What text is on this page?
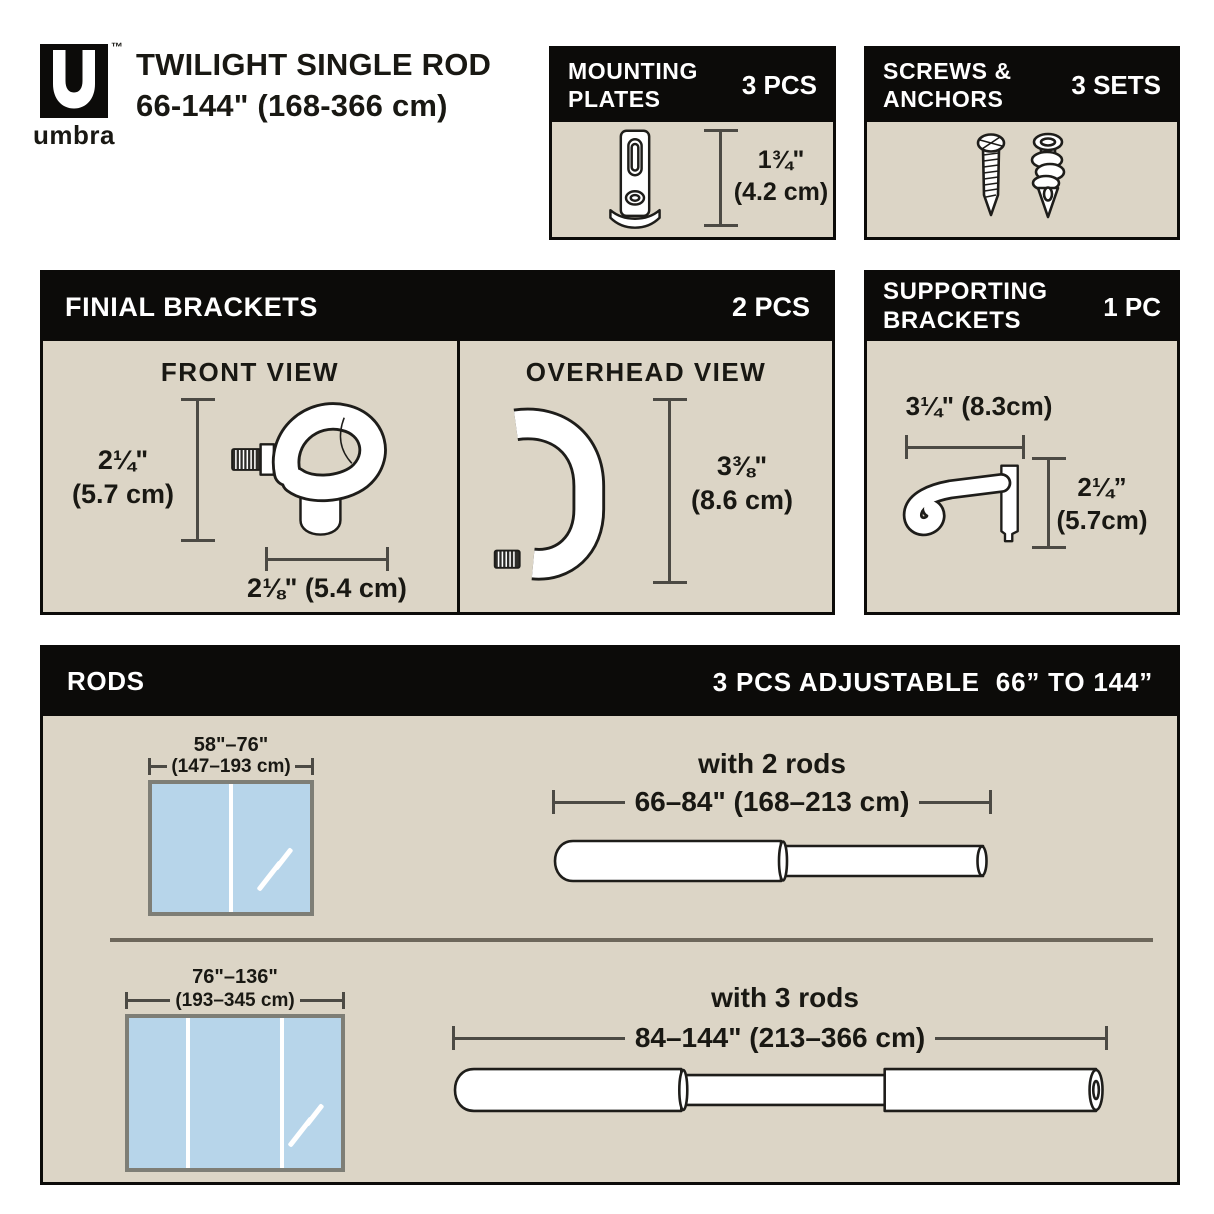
™
umbra
TWILIGHT SINGLE ROD
66-144" (168-366 cm)
MOUNTING PLATES	3 PCS
1¾"
(4.2 cm)
SCREWS & ANCHORS	3 SETS
FINIAL BRACKETS	2 PCS
FRONT VIEW
2¼"
(5.7 cm)
2⅛" (5.4 cm)
OVERHEAD VIEW
3⅜"
(8.6 cm)
SUPPORTING BRACKETS	1 PC
3¼" (8.3cm)
2¼”
(5.7cm)
RODS	3 PCS ADJUSTABLE  66” TO 144”
58"–76"
(147–193 cm)	with 2 rods
66–84" (168–213 cm)
76"–136"
(193–345 cm)	with 3 rods
84–144" (213–366 cm)
